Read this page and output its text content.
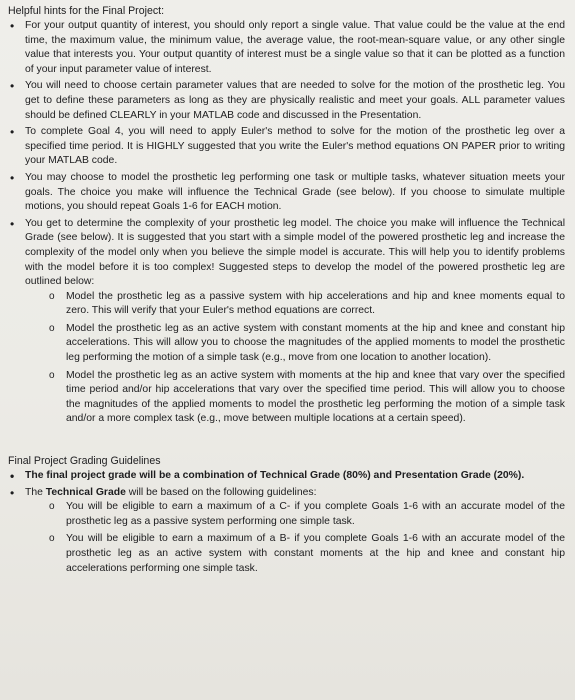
Helpful hints for the Final Project:
• For your output quantity of interest, you should only report a single value. That value could be the value at the end time, the maximum value, the minimum value, the average value, the root-mean-square value, or any other single value that interests you. Your output quantity of interest must be a single value so that it can be plotted as a function of your input parameter value of interest.
• You will need to choose certain parameter values that are needed to solve for the motion of the prosthetic leg. You get to define these parameters as long as they are physically realistic and meet your goals. ALL parameter values should be defined CLEARLY in your MATLAB code and discussed in the Presentation.
• To complete Goal 4, you will need to apply Euler's method to solve for the motion of the prosthetic leg over a specified time period. It is HIGHLY suggested that you write the Euler's method equations ON PAPER prior to writing your MATLAB code.
• You may choose to model the prosthetic leg performing one task or multiple tasks, whatever situation meets your goals. The choice you make will influence the Technical Grade (see below). If you choose to simulate multiple motions, you should repeat Goals 1-6 for EACH motion.
• You get to determine the complexity of your prosthetic leg model. The choice you make will influence the Technical Grade (see below). It is suggested that you start with a simple model of the powered prosthetic leg and increase the complexity of the model only when you believe the simple model is accurate. This will help you to identify problems with the model before it is too complex! Suggested steps to develop the model of the powered prosthetic leg are outlined below:
o Model the prosthetic leg as a passive system with hip accelerations and hip and knee moments equal to zero. This will verify that your Euler's method equations are correct.
o Model the prosthetic leg as an active system with constant moments at the hip and knee and constant hip accelerations. This will allow you to choose the magnitudes of the applied moments to model the prosthetic leg performing the motion of a simple task (e.g., move from one location to another location).
o Model the prosthetic leg as an active system with moments at the hip and knee that vary over the specified time period and/or hip accelerations that vary over the specified time period. This will allow you to choose the magnitudes of the applied moments to model the prosthetic leg performing the motion of a simple task and/or a more complex task (e.g., move between multiple locations at a certain speed).
Final Project Grading Guidelines
• The final project grade will be a combination of Technical Grade (80%) and Presentation Grade (20%).
• The Technical Grade will be based on the following guidelines:
o You will be eligible to earn a maximum of a C- if you complete Goals 1-6 with an accurate model of the prosthetic leg as a passive system performing one simple task.
o You will be eligible to earn a maximum of a B- if you complete Goals 1-6 with an accurate model of the prosthetic leg as an active system with constant moments at the hip and knee and constant hip accelerations performing one simple task.
